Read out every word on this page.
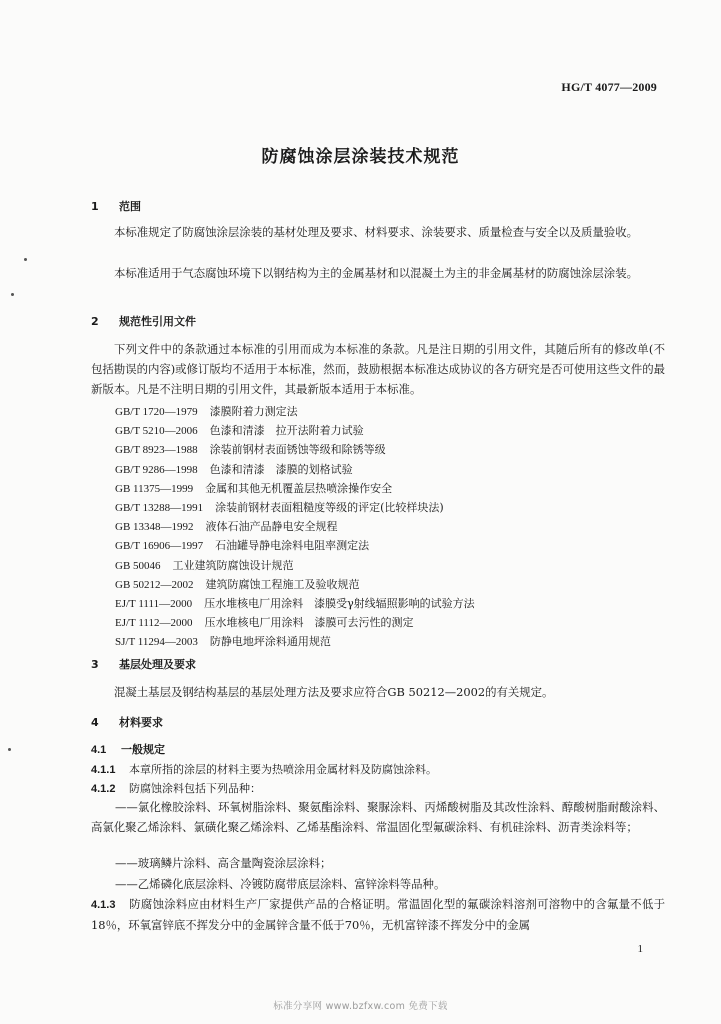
HG/T 4077—2009
防腐蚀涂层涂装技术规范
1 范围
本标准规定了防腐蚀涂层涂装的基材处理及要求、材料要求、涂装要求、质量检查与安全以及质量验收。
本标准适用于气态腐蚀环境下以钢结构为主的金属基材和以混凝土为主的非金属基材的防腐蚀涂层涂装。
2 规范性引用文件
下列文件中的条款通过本标准的引用而成为本标准的条款。凡是注日期的引用文件，其随后所有的修改单(不包括勘误的内容)或修订版均不适用于本标准，然而，鼓励根据本标准达成协议的各方研究是否可使用这些文件的最新版本。凡是不注明日期的引用文件，其最新版本适用于本标准。
GB/T 1720—1979 漆膜附着力测定法
GB/T 5210—2006 色漆和清漆　拉开法附着力试验
GB/T 8923—1988 涂装前钢材表面锈蚀等级和除锈等级
GB/T 9286—1998 色漆和清漆　漆膜的划格试验
GB 11375—1999 金属和其他无机覆盖层热喷涂操作安全
GB/T 13288—1991 涂装前钢材表面粗糙度等级的评定(比较样块法)
GB 13348—1992 液体石油产品静电安全规程
GB/T 16906—1997 石油罐导静电涂料电阻率测定法
GB 50046 工业建筑防腐蚀设计规范
GB 50212—2002 建筑防腐蚀工程施工及验收规范
EJ/T 1111—2000 压水堆核电厂用涂料　漆膜受γ射线辐照影响的试验方法
EJ/T 1112—2000 压水堆核电厂用涂料　漆膜可去污性的测定
SJ/T 11294—2003 防静电地坪涂料通用规范
3 基层处理及要求
混凝土基层及钢结构基层的基层处理方法及要求应符合GB 50212—2002的有关规定。
4 材料要求
4.1 一般规定
4.1.1 本章所指的涂层的材料主要为热喷涂用金属材料及防腐蚀涂料。
4.1.2 防腐蚀涂料包括下列品种：
——氯化橡胶涂料、环氧树脂涂料、聚氨酯涂料、聚脲涂料、丙烯酸树脂及其改性涂料、醇酸树脂耐酸涂料、高氯化聚乙烯涂料、氯磺化聚乙烯涂料、乙烯基酯涂料、常温固化型氟碳涂料、有机硅涂料、沥青类涂料等；
——玻璃鳞片涂料、高含量陶瓷涂层涂料；
——乙烯磷化底层涂料、冷镀防腐带底层涂料、富锌涂料等品种。
4.1.3 防腐蚀涂料应由材料生产厂家提供产品的合格证明。常温固化型的氟碳涂料溶剂可溶物中的含氟量不低于18％，环氧富锌底不挥发分中的金属锌含量不低于70％，无机富锌漆不挥发分中的金属
1
标准分享网 www.bzfxw.com 免费下载
